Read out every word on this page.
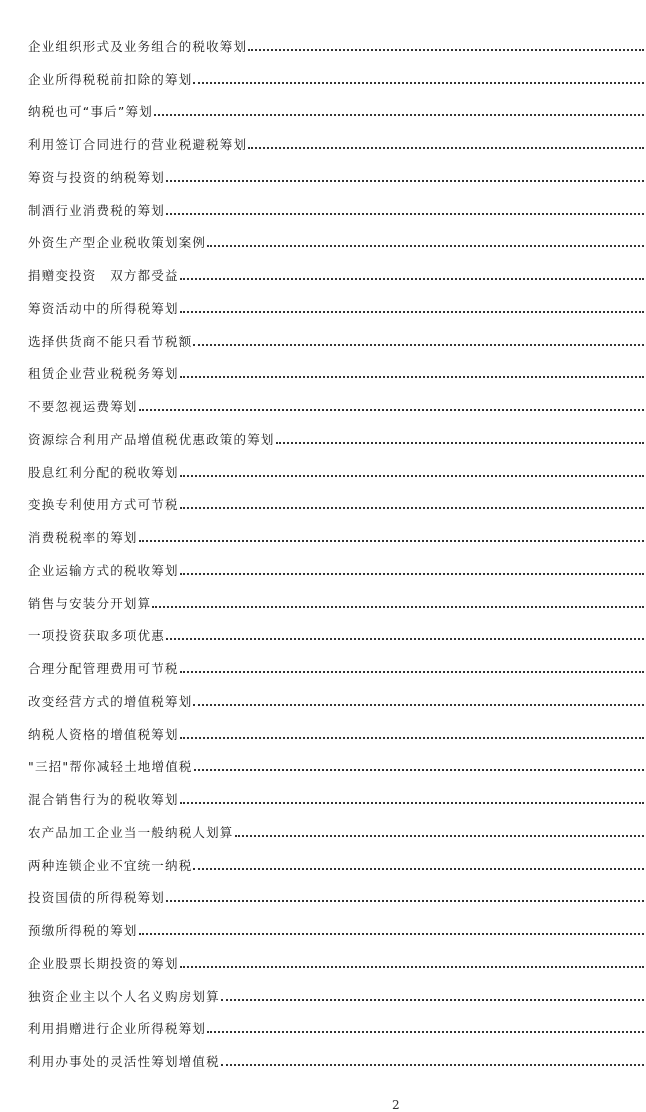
企业组织形式及业务组合的税收筹划
企业所得税税前扣除的筹划
纳税也可“事后”筹划
利用签订合同进行的营业税避税筹划
筹资与投资的纳税筹划
制酒行业消费税的筹划
外资生产型企业税收策划案例
捐赠变投资　双方都受益
筹资活动中的所得税筹划
选择供货商不能只看节税额
租赁企业营业税税务筹划
不要忽视运费筹划
资源综合利用产品增值税优惠政策的筹划
股息红利分配的税收筹划
变换专利使用方式可节税
消费税税率的筹划
企业运输方式的税收筹划
销售与安装分开划算
一项投资获取多项优惠
合理分配管理费用可节税
改变经营方式的增值税筹划
纳税人资格的增值税筹划
"三招"帮你减轻土地增值税
混合销售行为的税收筹划
农产品加工企业当一般纳税人划算
两种连锁企业不宜统一纳税
投资国债的所得税筹划
预缴所得税的筹划
企业股票长期投资的筹划
独资企业主以个人名义购房划算
利用捐赠进行企业所得税筹划
利用办事处的灵活性筹划增值税
2
